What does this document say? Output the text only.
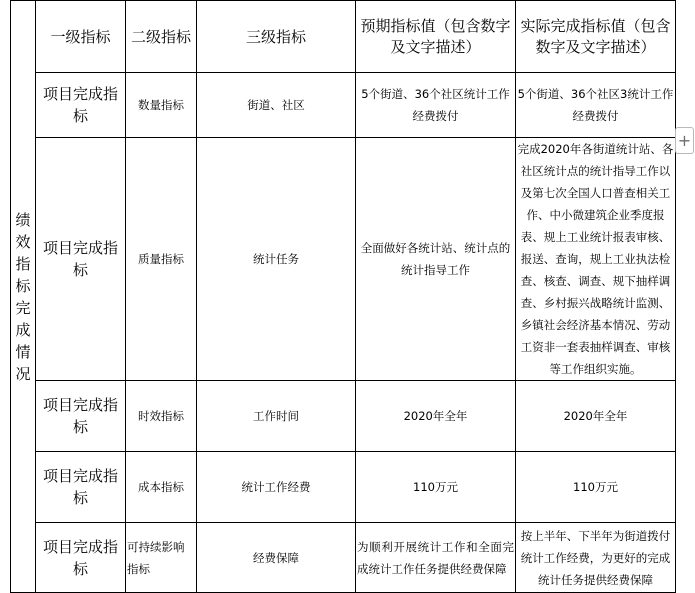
绩效指标完成情况	一级指标	二级指标	三级指标	预期指标值（包含数字及文字描述）	实际完成指标值（包含数字及文字描述）
	项目完成指标	数量指标	街道、社区	5个街道、36个社区统计工作经费拨付	5个街道、36个社区3统计工作经费拨付
	项目完成指标	质量指标	统计任务	全面做好各统计站、统计点的统计指导工作	完成2020年各街道统计站、各社区统计点的统计指导工作以及第七次全国人口普查相关工作、中小微建筑企业季度报表、规上工业统计报表审核、报送、查询，规上工业执法检查、核查、调查、规下抽样调查、乡村振兴战略统计监测、乡镇社会经济基本情况、劳动工资非一套表抽样调查、审核等工作组织实施。
	项目完成指标	时效指标	工作时间	2020年全年	2020年全年
	项目完成指标	成本指标	统计工作经费	110万元	110万元
	项目完成指标	可持续影响指标	经费保障	为顺利开展统计工作和全面完成统计工作任务提供经费保障	按上半年、下半年为街道拨付统计工作经费，为更好的完成统计任务提供经费保障
+
